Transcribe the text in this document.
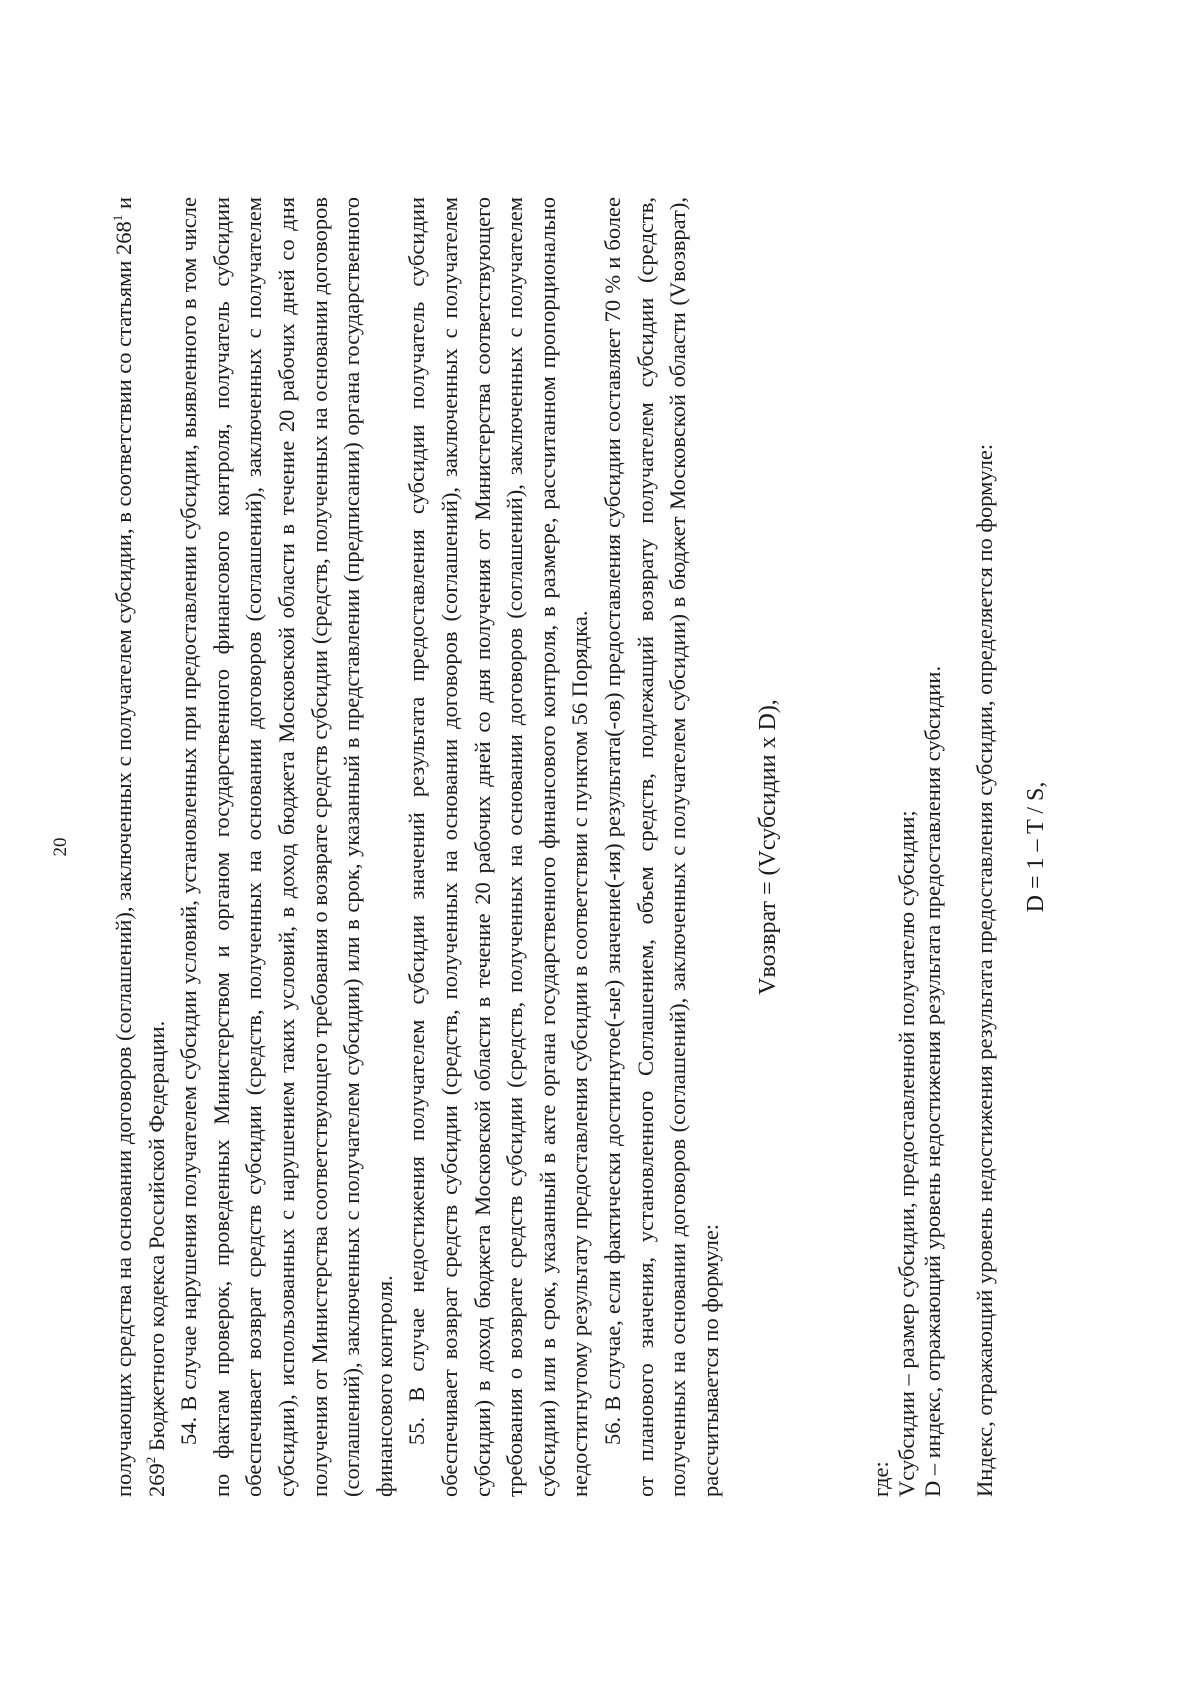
20 получающих средства на основании договоров (соглашений), заключенных с получателем субсидии, в соответствии со статьями $268^1$ и $269^2$ Бюджетного кодекса Российской Федерации. 54. В случае нарушения получателем субсидии условий, установленных при предоставлении субсидии, выявленного в том числе по фактам проверок, проведенных Министерством и органом государственного финансового контроля, получатель субсидии обеспечивает возврат средств субсидии (средств, полученных на основании договоров (соглашений), заключенных с получателем субсидии), использованных с нарушением таких условий, в доход бюджета Московской области в течение 20 рабочих дней со дня получения от Министерства соответствующего требования о возврате средств субсидии (средств, полученных на основании договоров (соглашений), заключенных с получателем субсидии) или в срок, указанный в представлении (предписании) органа государственного финансового контроля. 55. В случае недостижения получателем субсидии значений результата предоставления субсидии получатель субсидии обеспечивает возврат средств субсидии (средств, полученных на основании договоров (соглашений), заключенных с получателем субсидии) в доход бюджета Московской области в течение 20 рабочих дней со дня получения от Министерства соответствующего требования о возврате средств субсидии (средств, полученных на основании договоров (соглашений), заключенных с получателем субсидии) или в срок, указанный в акте органа государственного финансового контроля, в размере, рассчитанном пропорционально недостигнутому результату предоставления субсидии в соответствии с пунктом 56 Порядка. 56. В случае, если фактически достигнутое(-ые) значение(-ия) результата(-ов) предоставления субсидии составляет 70 % и более от планового значения, установленного Соглашением, объем средств, подлежащий возврату получателем субсидии (средств, полученных на основании договоров (соглашений), заключенных с получателем субсидии) в бюджет Московской области (Vвозврат), рассчитывается по формуле:

Vвозврат = (Vсубсидии x D),
где: Vсубсидии – размер субсидии, предоставленной получателю субсидии; D – индекс, отражающий уровень недостижения результата предоставления субсидии. Индекс, отражающий уровень недостижения результата предоставления субсидии, определяется по формуле: D = 1 – T / S,
